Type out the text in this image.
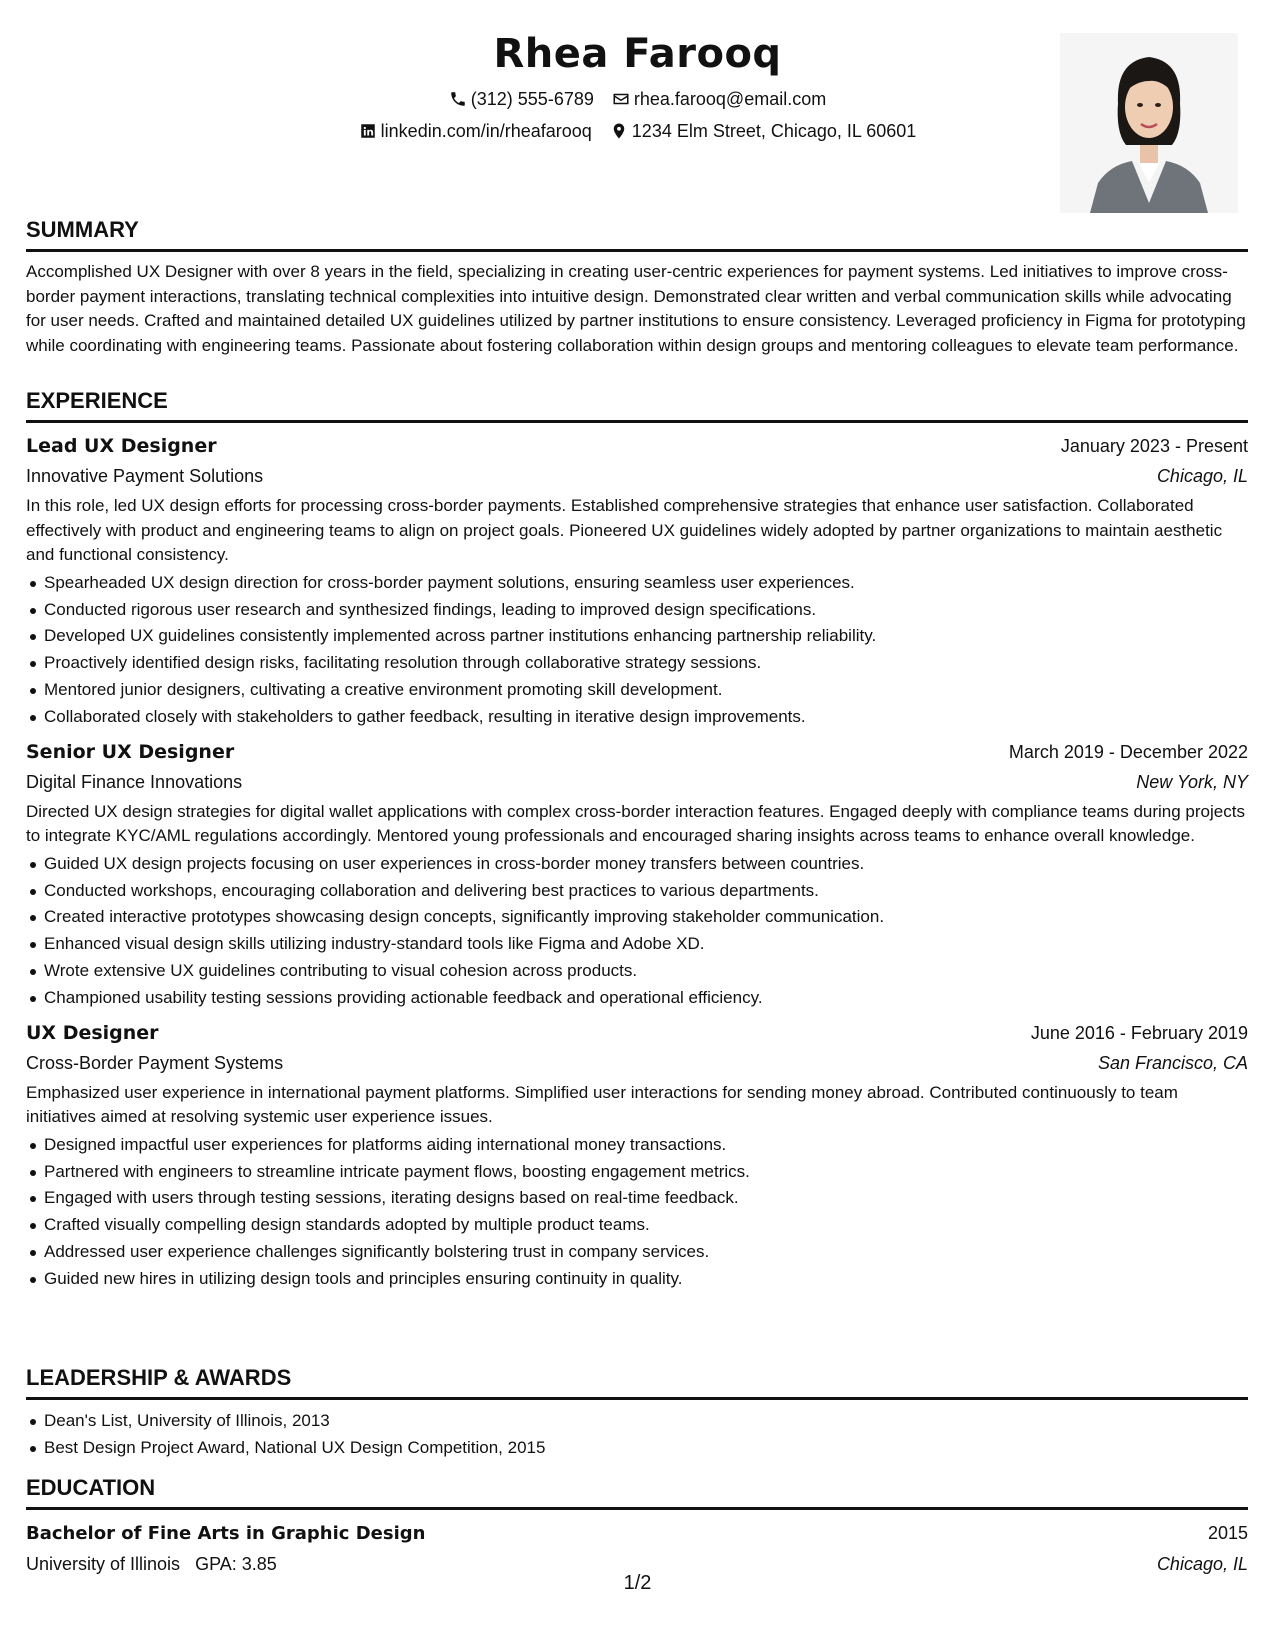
Rhea Farooq
(312) 555-6789 rhea.farooq@email.com
linkedin.com/in/rheafarooq 1234 Elm Street, Chicago, IL 60601
SUMMARY

Accomplished UX Designer with over 8 years in the field, specializing in creating user-centric experiences for payment systems. Led initiatives to improve cross-border payment interactions, translating technical complexities into intuitive design. Demonstrated clear written and verbal communication skills while advocating for user needs. Crafted and maintained detailed UX guidelines utilized by partner institutions to ensure consistency. Leveraged proficiency in Figma for prototyping while coordinating with engineering teams. Passionate about fostering collaboration within design groups and mentoring colleagues to elevate team performance.

EXPERIENCE
Lead UX Designer	January 2023 - Present
Innovative Payment Solutions	Chicago, IL

In this role, led UX design efforts for processing cross-border payments. Established comprehensive strategies that enhance user satisfaction. Collaborated effectively with product and engineering teams to align on project goals. Pioneered UX guidelines widely adopted by partner organizations to maintain aesthetic and functional consistency.

Spearheaded UX design direction for cross-border payment solutions, ensuring seamless user experiences.
Conducted rigorous user research and synthesized findings, leading to improved design specifications.
Developed UX guidelines consistently implemented across partner institutions enhancing partnership reliability.
Proactively identified design risks, facilitating resolution through collaborative strategy sessions.
Mentored junior designers, cultivating a creative environment promoting skill development.
Collaborated closely with stakeholders to gather feedback, resulting in iterative design improvements.
Senior UX Designer	March 2019 - December 2022
Digital Finance Innovations	New York, NY

Directed UX design strategies for digital wallet applications with complex cross-border interaction features. Engaged deeply with compliance teams during projects to integrate KYC/AML regulations accordingly. Mentored young professionals and encouraged sharing insights across teams to enhance overall knowledge.

Guided UX design projects focusing on user experiences in cross-border money transfers between countries.
Conducted workshops, encouraging collaboration and delivering best practices to various departments.
Created interactive prototypes showcasing design concepts, significantly improving stakeholder communication.
Enhanced visual design skills utilizing industry-standard tools like Figma and Adobe XD.
Wrote extensive UX guidelines contributing to visual cohesion across products.
Championed usability testing sessions providing actionable feedback and operational efficiency.
UX Designer	June 2016 - February 2019
Cross-Border Payment Systems	San Francisco, CA

Emphasized user experience in international payment platforms. Simplified user interactions for sending money abroad. Contributed continuously to team initiatives aimed at resolving systemic user experience issues.

Designed impactful user experiences for platforms aiding international money transactions.
Partnered with engineers to streamline intricate payment flows, boosting engagement metrics.
Engaged with users through testing sessions, iterating designs based on real-time feedback.
Crafted visually compelling design standards adopted by multiple product teams.
Addressed user experience challenges significantly bolstering trust in company services.
Guided new hires in utilizing design tools and principles ensuring continuity in quality.
LEADERSHIP & AWARDS
Dean's List, University of Illinois, 2013
Best Design Project Award, National UX Design Competition, 2015
EDUCATION
Bachelor of Fine Arts in Graphic Design	2015
University of Illinois GPA: 3.85	Chicago, IL
1/2
